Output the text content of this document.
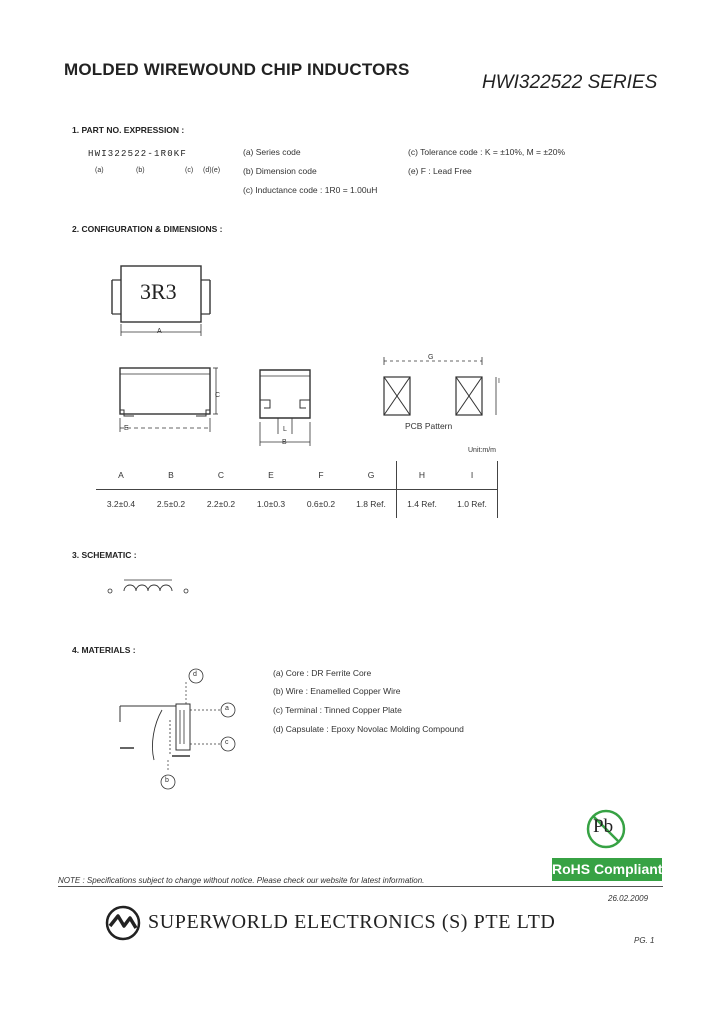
MOLDED WIREWOUND CHIP INDUCTORS
HWI322522 SERIES
1. PART NO. EXPRESSION :
HWI322522-1R0KF
(a)	(b)	(c) (d)(e)
(a) Series code
(b) Dimension code
(c) Inductance code : 1R0 = 1.00uH
(c) Tolerance code : K = ±10%, M = ±20%
(e) F : Lead Free
2. CONFIGURATION & DIMENSIONS :
3R3
A
C
E	L
B
G
I
PCB Pattern
Unit:m/m
A	B	C	E	F	G	H	I
3.2±0.4	2.5±0.2	2.2±0.2	1.0±0.3	0.6±0.2	1.8 Ref.	1.4 Ref.	1.0 Ref.
3. SCHEMATIC :
4. MATERIALS :
d
a
c
b
(a) Core : DR Ferrite Core
(b) Wire : Enamelled Copper Wire
(c) Terminal : Tinned Copper Plate
(d) Capsulate : Epoxy Novolac Molding Compound
Pb
RoHS Compliant
NOTE : Specifications subject to change without notice. Please check our website for latest information.
26.02.2009
SUPERWORLD ELECTRONICS (S) PTE LTD
PG. 1
